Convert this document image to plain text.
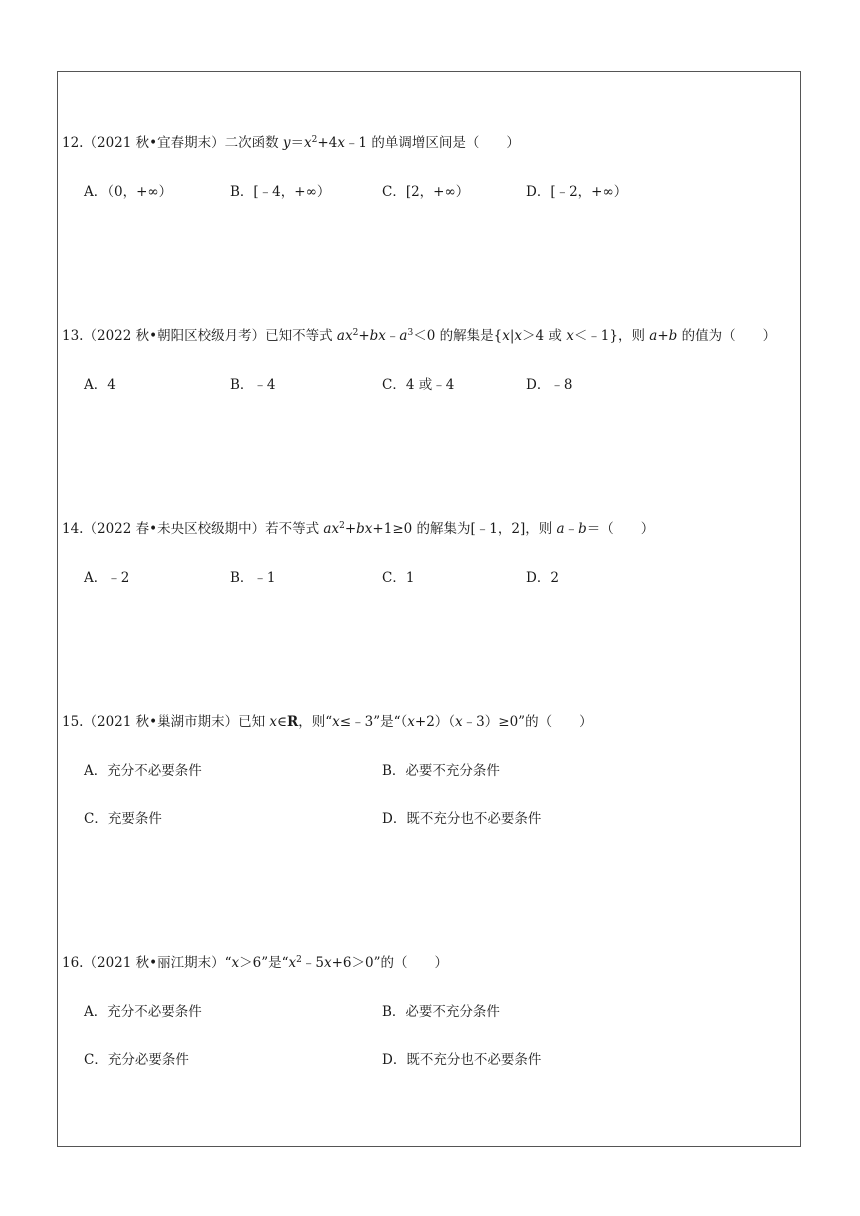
12.（2021 秋•宜春期末）二次函数 $y=x^2+4x﹣1$ 的单调增区间是（　　）
A．（0，+∞）	B．[﹣4，+∞）	C．[2，+∞）	D．[﹣2，+∞）
13.（2022 秋•朝阳区校级月考）已知不等式 $ax^2+bx﹣a^3<0$ 的解集是{x|x＞4 或 x＜﹣1}，则 a+b 的值为（　　）
A．4	B．﹣4	C．4 或﹣4	D．﹣8
14.（2022 春•未央区校级期中）若不等式 $ax^2+bx+1\ge 0$ 的解集为[﹣1，2]，则 a﹣b＝（　　）
A．﹣2	B．﹣1	C．1	D．2
15.（2021 秋•巢湖市期末）已知 x∈R，则“x≤﹣3”是“（x+2）（x﹣3）≥0”的（　　）
A．充分不必要条件	B．必要不充分条件
C．充要条件	D．既不充分也不必要条件
16.（2021 秋•丽江期末）“x＞6”是“$x^2﹣5x+6>0$”的（　　）
A．充分不必要条件	B．必要不充分条件
C．充分必要条件	D．既不充分也不必要条件
